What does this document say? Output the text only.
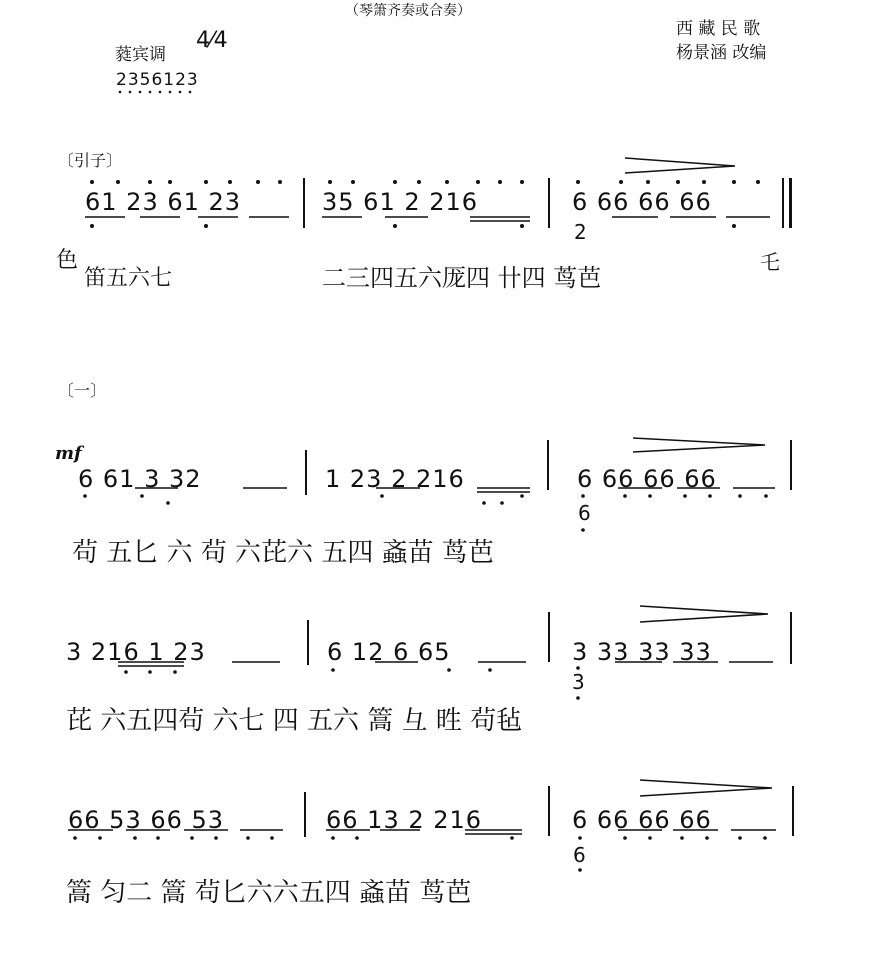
（琴箫齐奏或合奏）
西 藏 民 歌
杨景涵 改编
蕤宾调
4⁄4
2356123
〔引子〕
61 23 61 23	35 61 2 216	6 66 66 66
2
色
笛五六七	二三四五六厐四 卄四 茑芭
乇
〔一〕
mf
6 61 3 32	1 23 2 216	6 66 66 66
6
茍 五匕 六 茍 六芘六 五四 螡苗 茑芭
3 216 1 23	6 12 6 65	3 33 33 33
3
芘 六五四茍 六七 四 五六 篙 彑 甠 茍毡
66 53 66 53	66 13 2 216	6 66 66 66
6
篙 匀二 篙 茍匕六六五四 螡苗 茑芭
